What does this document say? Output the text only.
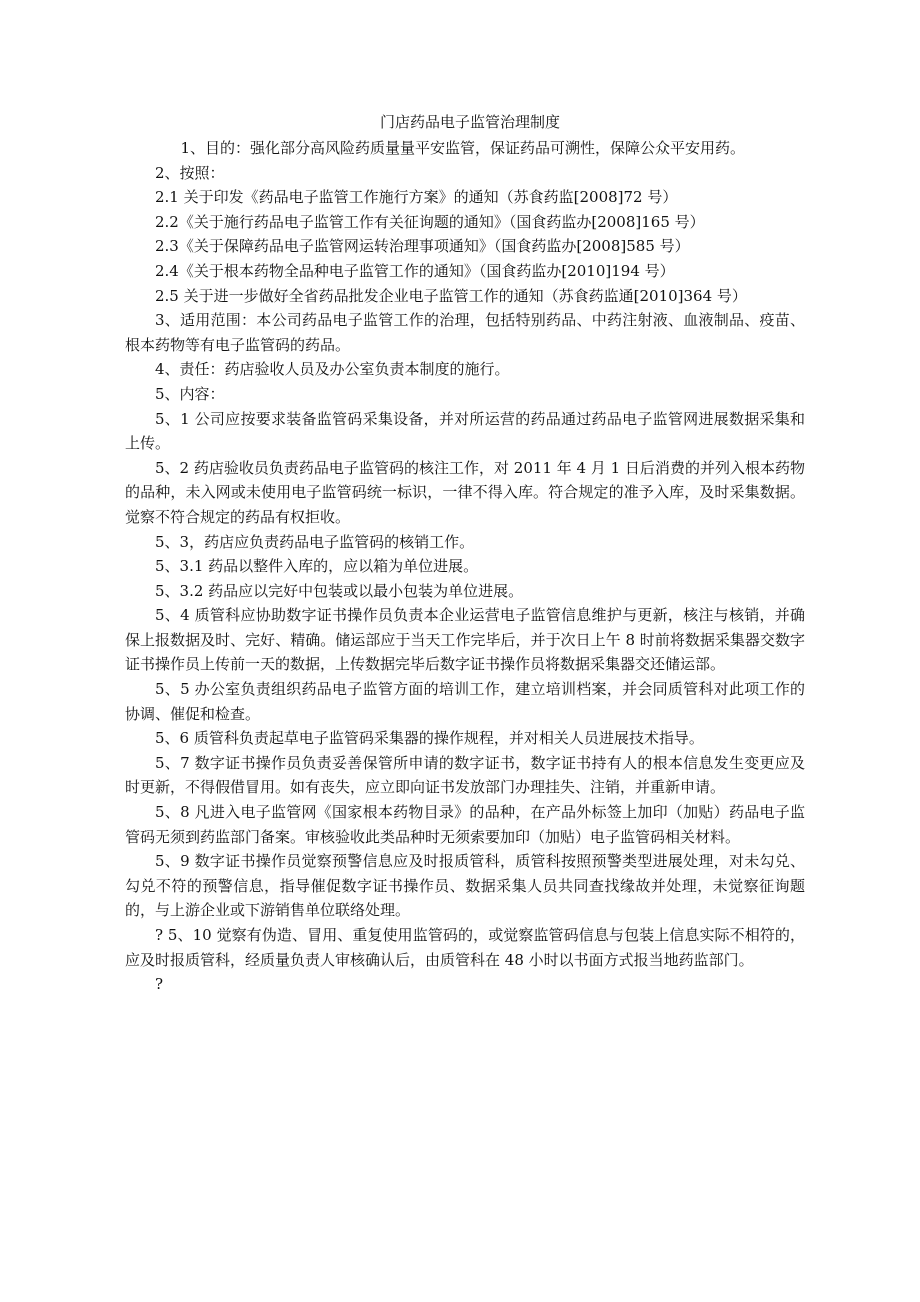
门店药品电子监管治理制度

1、目的：强化部分高风险药质量量平安监管，保证药品可溯性，保障公众平安用药。

2、按照：

2.1 关于印发《药品电子监管工作施行方案》的通知（苏食药监[2008]72 号）

2.2《关于施行药品电子监管工作有关征询题的通知》（国食药监办[2008]165 号）

2.3《关于保障药品电子监管网运转治理事项通知》（国食药监办[2008]585 号）

2.4《关于根本药物全品种电子监管工作的通知》（国食药监办[2010]194 号）

2.5 关于进一步做好全省药品批发企业电子监管工作的通知（苏食药监通[2010]364 号）

3、适用范围：本公司药品电子监管工作的治理，包括特别药品、中药注射液、血液制品、疫苗、根本药物等有电子监管码的药品。

4、责任：药店验收人员及办公室负责本制度的施行。

5、内容：

5、1 公司应按要求装备监管码采集设备，并对所运营的药品通过药品电子监管网进展数据采集和上传。

5、2 药店验收员负责药品电子监管码的核注工作，对 2011 年 4 月 1 日后消费的并列入根本药物的品种，未入网或未使用电子监管码统一标识，一律不得入库。符合规定的准予入库，及时采集数据。觉察不符合规定的药品有权拒收。

5、3，药店应负责药品电子监管码的核销工作。

5、3.1 药品以整件入库的，应以箱为单位进展。

5、3.2 药品应以完好中包装或以最小包装为单位进展。

5、4 质管科应协助数字证书操作员负责本企业运营电子监管信息维护与更新，核注与核销，并确保上报数据及时、完好、精确。储运部应于当天工作完毕后，并于次日上午 8 时前将数据采集器交数字证书操作员上传前一天的数据，上传数据完毕后数字证书操作员将数据采集器交还储运部。

5、5 办公室负责组织药品电子监管方面的培训工作，建立培训档案，并会同质管科对此项工作的协调、催促和检查。

5、6 质管科负责起草电子监管码采集器的操作规程，并对相关人员进展技术指导。

5、7 数字证书操作员负责妥善保管所申请的数字证书，数字证书持有人的根本信息发生变更应及时更新，不得假借冒用。如有丧失，应立即向证书发放部门办理挂失、注销，并重新申请。

5、8 凡进入电子监管网《国家根本药物目录》的品种，在产品外标签上加印（加贴）药品电子监管码无须到药监部门备案。审核验收此类品种时无须索要加印（加贴）电子监管码相关材料。

5、9 数字证书操作员觉察预警信息应及时报质管科，质管科按照预警类型进展处理，对未勾兑、勾兑不符的预警信息，指导催促数字证书操作员、数据采集人员共同查找缘故并处理，未觉察征询题的，与上游企业或下游销售单位联络处理。

? 5、10 觉察有伪造、冒用、重复使用监管码的，或觉察监管码信息与包装上信息实际不相符的，应及时报质管科，经质量负责人审核确认后，由质管科在 48 小时以书面方式报当地药监部门。

?
